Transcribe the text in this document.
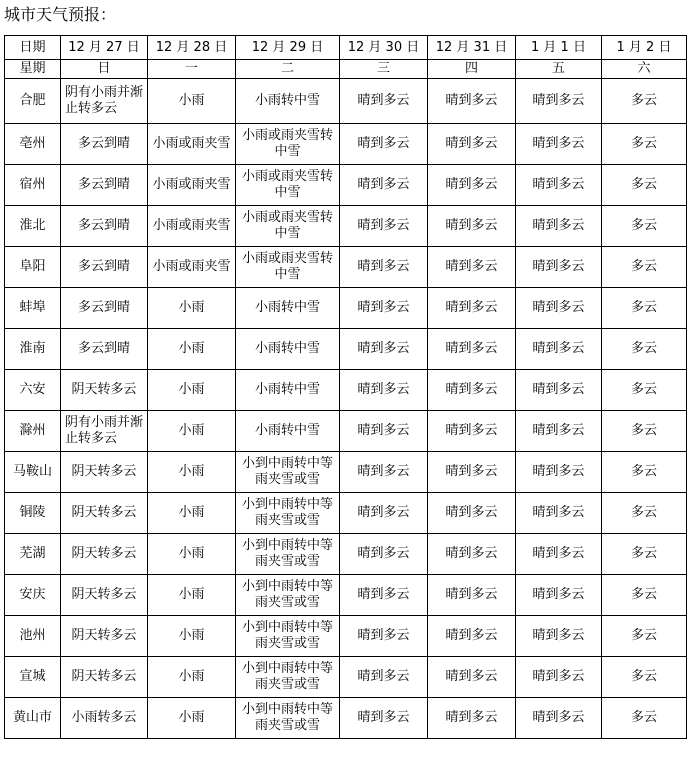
城市天气预报：
日期	12 月 27 日	12 月 28 日	12 月 29 日	12 月 30 日	12 月 31 日	1 月 1 日	1 月 2 日
星期	日	一	二	三	四	五	六
合肥	阴有小雨并渐止转多云	小雨	小雨转中雪	晴到多云	晴到多云	晴到多云	多云
亳州	多云到晴	小雨或雨夹雪	小雨或雨夹雪转中雪	晴到多云	晴到多云	晴到多云	多云
宿州	多云到晴	小雨或雨夹雪	小雨或雨夹雪转中雪	晴到多云	晴到多云	晴到多云	多云
淮北	多云到晴	小雨或雨夹雪	小雨或雨夹雪转中雪	晴到多云	晴到多云	晴到多云	多云
阜阳	多云到晴	小雨或雨夹雪	小雨或雨夹雪转中雪	晴到多云	晴到多云	晴到多云	多云
蚌埠	多云到晴	小雨	小雨转中雪	晴到多云	晴到多云	晴到多云	多云
淮南	多云到晴	小雨	小雨转中雪	晴到多云	晴到多云	晴到多云	多云
六安	阴天转多云	小雨	小雨转中雪	晴到多云	晴到多云	晴到多云	多云
滁州	阴有小雨并渐止转多云	小雨	小雨转中雪	晴到多云	晴到多云	晴到多云	多云
马鞍山	阴天转多云	小雨	小到中雨转中等雨夹雪或雪	晴到多云	晴到多云	晴到多云	多云
铜陵	阴天转多云	小雨	小到中雨转中等雨夹雪或雪	晴到多云	晴到多云	晴到多云	多云
芜湖	阴天转多云	小雨	小到中雨转中等雨夹雪或雪	晴到多云	晴到多云	晴到多云	多云
安庆	阴天转多云	小雨	小到中雨转中等雨夹雪或雪	晴到多云	晴到多云	晴到多云	多云
池州	阴天转多云	小雨	小到中雨转中等雨夹雪或雪	晴到多云	晴到多云	晴到多云	多云
宣城	阴天转多云	小雨	小到中雨转中等雨夹雪或雪	晴到多云	晴到多云	晴到多云	多云
黄山市	小雨转多云	小雨	小到中雨转中等雨夹雪或雪	晴到多云	晴到多云	晴到多云	多云
